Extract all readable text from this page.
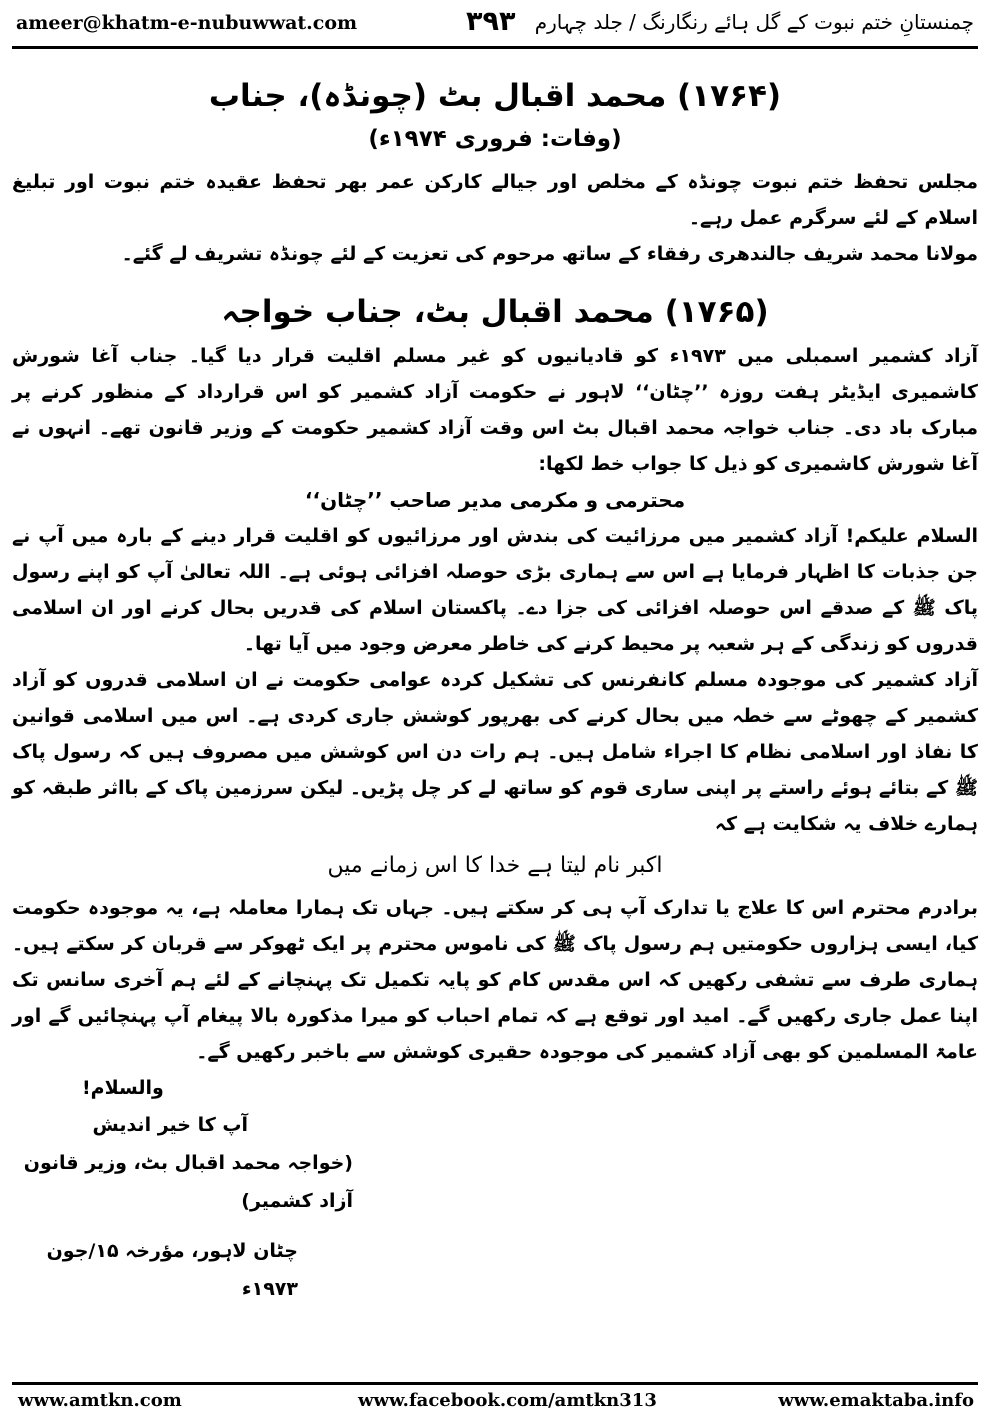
ameer@khatm-e-nubuwwat.com	۳۹۳ چمنستانِ ختم نبوت کے گل ہائے رنگارنگ / جلد چہارم
(۱۷۶۴) محمد اقبال بٹ (چونڈہ)، جناب
(وفات: فروری ۱۹۷۴ء)

مجلس تحفظ ختم نبوت چونڈہ کے مخلص اور جیالے کارکن عمر بھر تحفظ عقیدہ ختم نبوت اور تبلیغ اسلام کے لئے سرگرم عمل رہے۔

مولانا محمد شریف جالندھری رفقاء کے ساتھ مرحوم کی تعزیت کے لئے چونڈہ تشریف لے گئے۔

(۱۷۶۵) محمد اقبال بٹ، جناب خواجہ

آزاد کشمیر اسمبلی میں ۱۹۷۳ء کو قادیانیوں کو غیر مسلم اقلیت قرار دیا گیا۔ جناب آغا شورش کاشمیری ایڈیٹر ہفت روزہ ’’چٹان‘‘ لاہور نے حکومت آزاد کشمیر کو اس قرارداد کے منظور کرنے پر مبارک باد دی۔ جناب خواجہ محمد اقبال بٹ اس وقت آزاد کشمیر حکومت کے وزیر قانون تھے۔ انہوں نے آغا شورش کاشمیری کو ذیل کا جواب خط لکھا:

محترمی و مکرمی مدیر صاحب ’’چٹان‘‘

السلام علیکم! آزاد کشمیر میں مرزائیت کی بندش اور مرزائیوں کو اقلیت قرار دینے کے بارہ میں آپ نے جن جذبات کا اظہار فرمایا ہے اس سے ہماری بڑی حوصلہ افزائی ہوئی ہے۔ اللہ تعالیٰ آپ کو اپنے رسول پاک ﷺ کے صدقے اس حوصلہ افزائی کی جزا دے۔ پاکستان اسلام کی قدریں بحال کرنے اور ان اسلامی قدروں کو زندگی کے ہر شعبہ پر محیط کرنے کی خاطر معرض وجود میں آیا تھا۔

آزاد کشمیر کی موجودہ مسلم کانفرنس کی تشکیل کردہ عوامی حکومت نے ان اسلامی قدروں کو آزاد کشمیر کے چھوٹے سے خطہ میں بحال کرنے کی بھرپور کوشش جاری کردی ہے۔ اس میں اسلامی قوانین کا نفاذ اور اسلامی نظام کا اجراء شامل ہیں۔ ہم رات دن اس کوشش میں مصروف ہیں کہ رسول پاک ﷺ کے بتائے ہوئے راستے پر اپنی ساری قوم کو ساتھ لے کر چل پڑیں۔ لیکن سرزمین پاک کے بااثر طبقہ کو ہمارے خلاف یہ شکایت ہے کہ

اکبر نام لیتا ہے خدا کا اس زمانے میں

برادرم محترم اس کا علاج یا تدارک آپ ہی کر سکتے ہیں۔ جہاں تک ہمارا معاملہ ہے، یہ موجودہ حکومت کیا، ایسی ہزاروں حکومتیں ہم رسول پاک ﷺ کی ناموس محترم پر ایک ٹھوکر سے قربان کر سکتے ہیں۔ ہماری طرف سے تشفی رکھیں کہ اس مقدس کام کو پایہ تکمیل تک پہنچانے کے لئے ہم آخری سانس تک اپنا عمل جاری رکھیں گے۔ امید اور توقع ہے کہ تمام احباب کو میرا مذکورہ بالا پیغام آپ پہنچائیں گے اور عامۃ المسلمین کو بھی آزاد کشمیر کی موجودہ حقیری کوشش سے باخبر رکھیں گے۔

والسلام!

آپ کا خیر اندیش

(خواجہ محمد اقبال بٹ، وزیر قانون آزاد کشمیر)

چٹان لاہور، مؤرخہ ۱۵/جون ۱۹۷۳ء

www.amtkn.com	www.facebook.com/amtkn313	www.emaktaba.info
